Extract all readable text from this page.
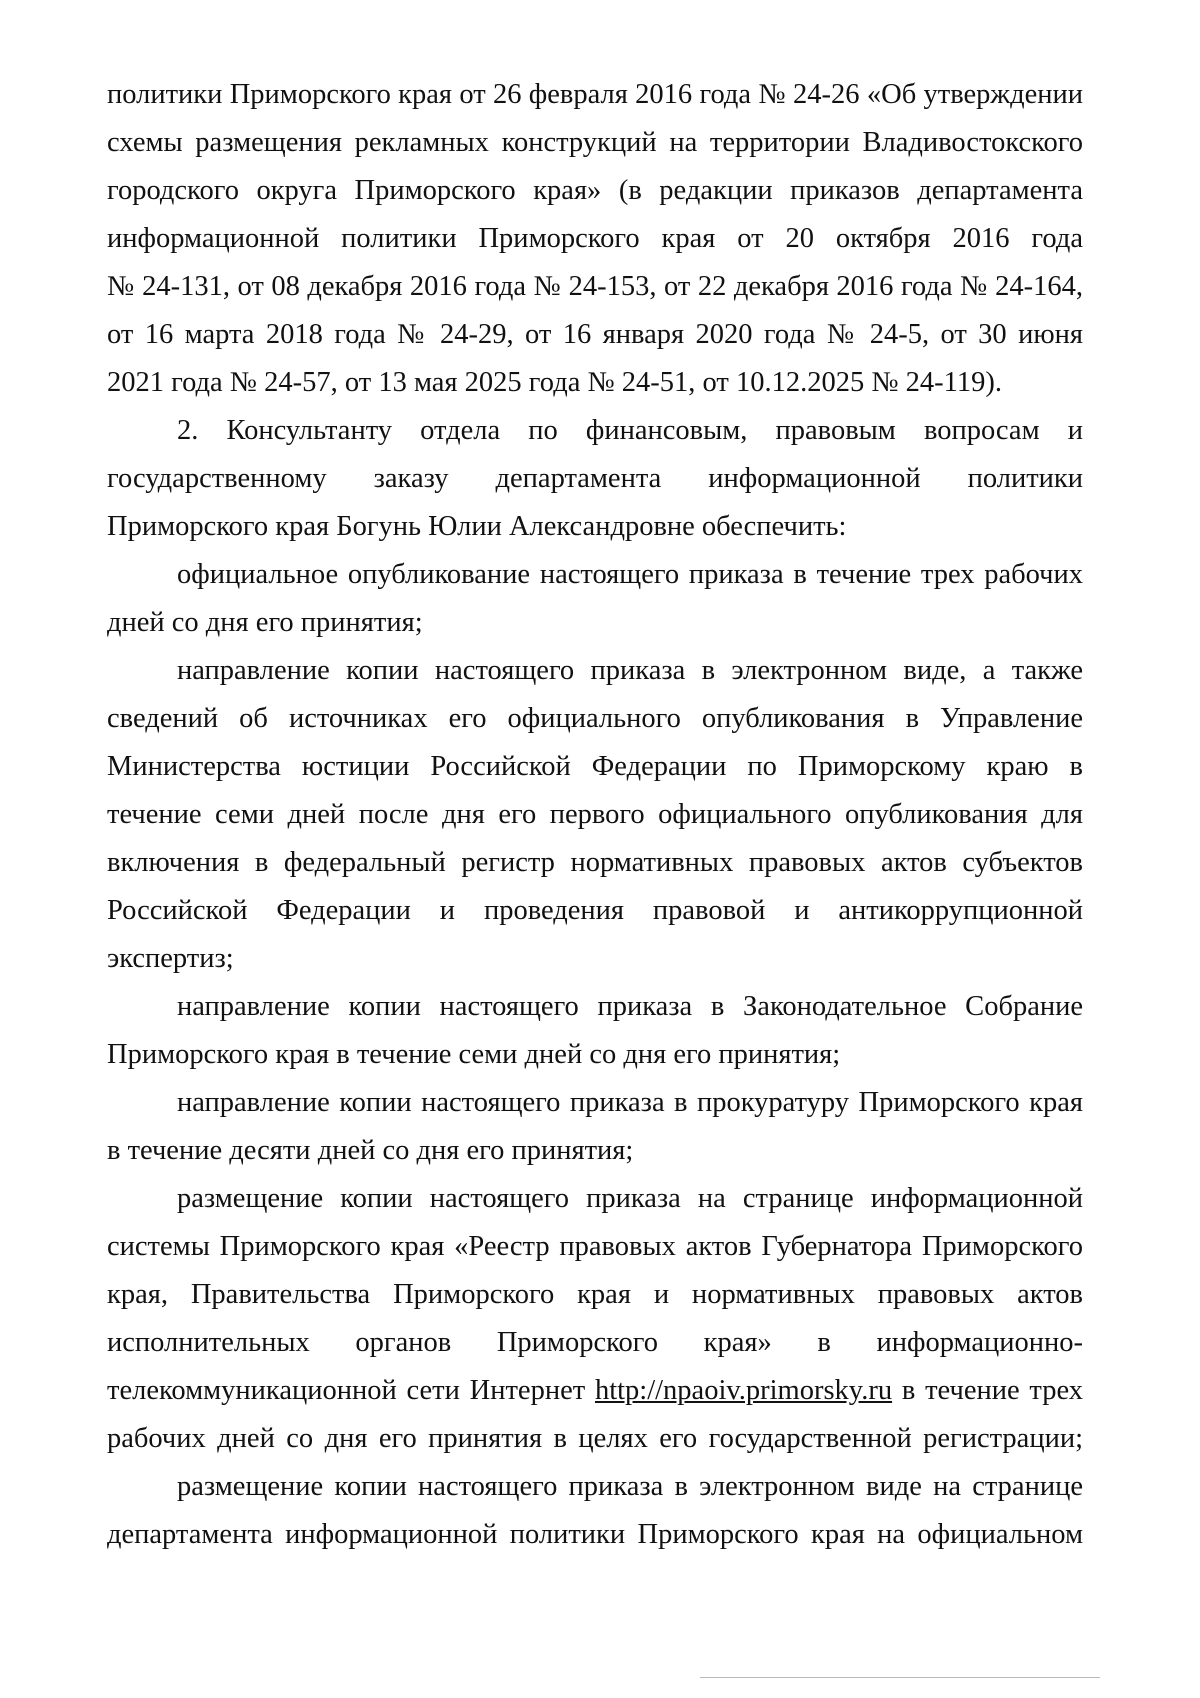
политики Приморского края от 26 февраля 2016 года № 24-26 «Об утверждении
схемы размещения рекламных конструкций на территории Владивостокского
городского округа Приморского края» (в редакции приказов департамента
информационной политики Приморского края от 20 октября 2016 года
№ 24-131, от 08 декабря 2016 года № 24-153, от 22 декабря 2016 года № 24-164,
от 16 марта 2018 года № 24-29, от 16 января 2020 года № 24-5, от 30 июня
2021 года № 24-57, от 13 мая 2025 года № 24-51, от 10.12.2025 № 24-119).
2. Консультанту отдела по финансовым, правовым вопросам и
государственному заказу департамента информационной политики
Приморского края Богунь Юлии Александровне обеспечить:
официальное опубликование настоящего приказа в течение трех рабочих
дней со дня его принятия;
направление копии настоящего приказа в электронном виде, а также
сведений об источниках его официального опубликования в Управление
Министерства юстиции Российской Федерации по Приморскому краю в
течение семи дней после дня его первого официального опубликования для
включения в федеральный регистр нормативных правовых актов субъектов
Российской Федерации и проведения правовой и антикоррупционной
экспертиз;
направление копии настоящего приказа в Законодательное Собрание
Приморского края в течение семи дней со дня его принятия;
направление копии настоящего приказа в прокуратуру Приморского края
в течение десяти дней со дня его принятия;
размещение копии настоящего приказа на странице информационной
системы Приморского края «Реестр правовых актов Губернатора Приморского
края, Правительства Приморского края и нормативных правовых актов
исполнительных органов Приморского края» в информационно-
телекоммуникационной сети Интернет http://npaoiv.primorsky.ru в течение трех
рабочих дней со дня его принятия в целях его государственной регистрации;
размещение копии настоящего приказа в электронном виде на странице
департамента информационной политики Приморского края на официальном
